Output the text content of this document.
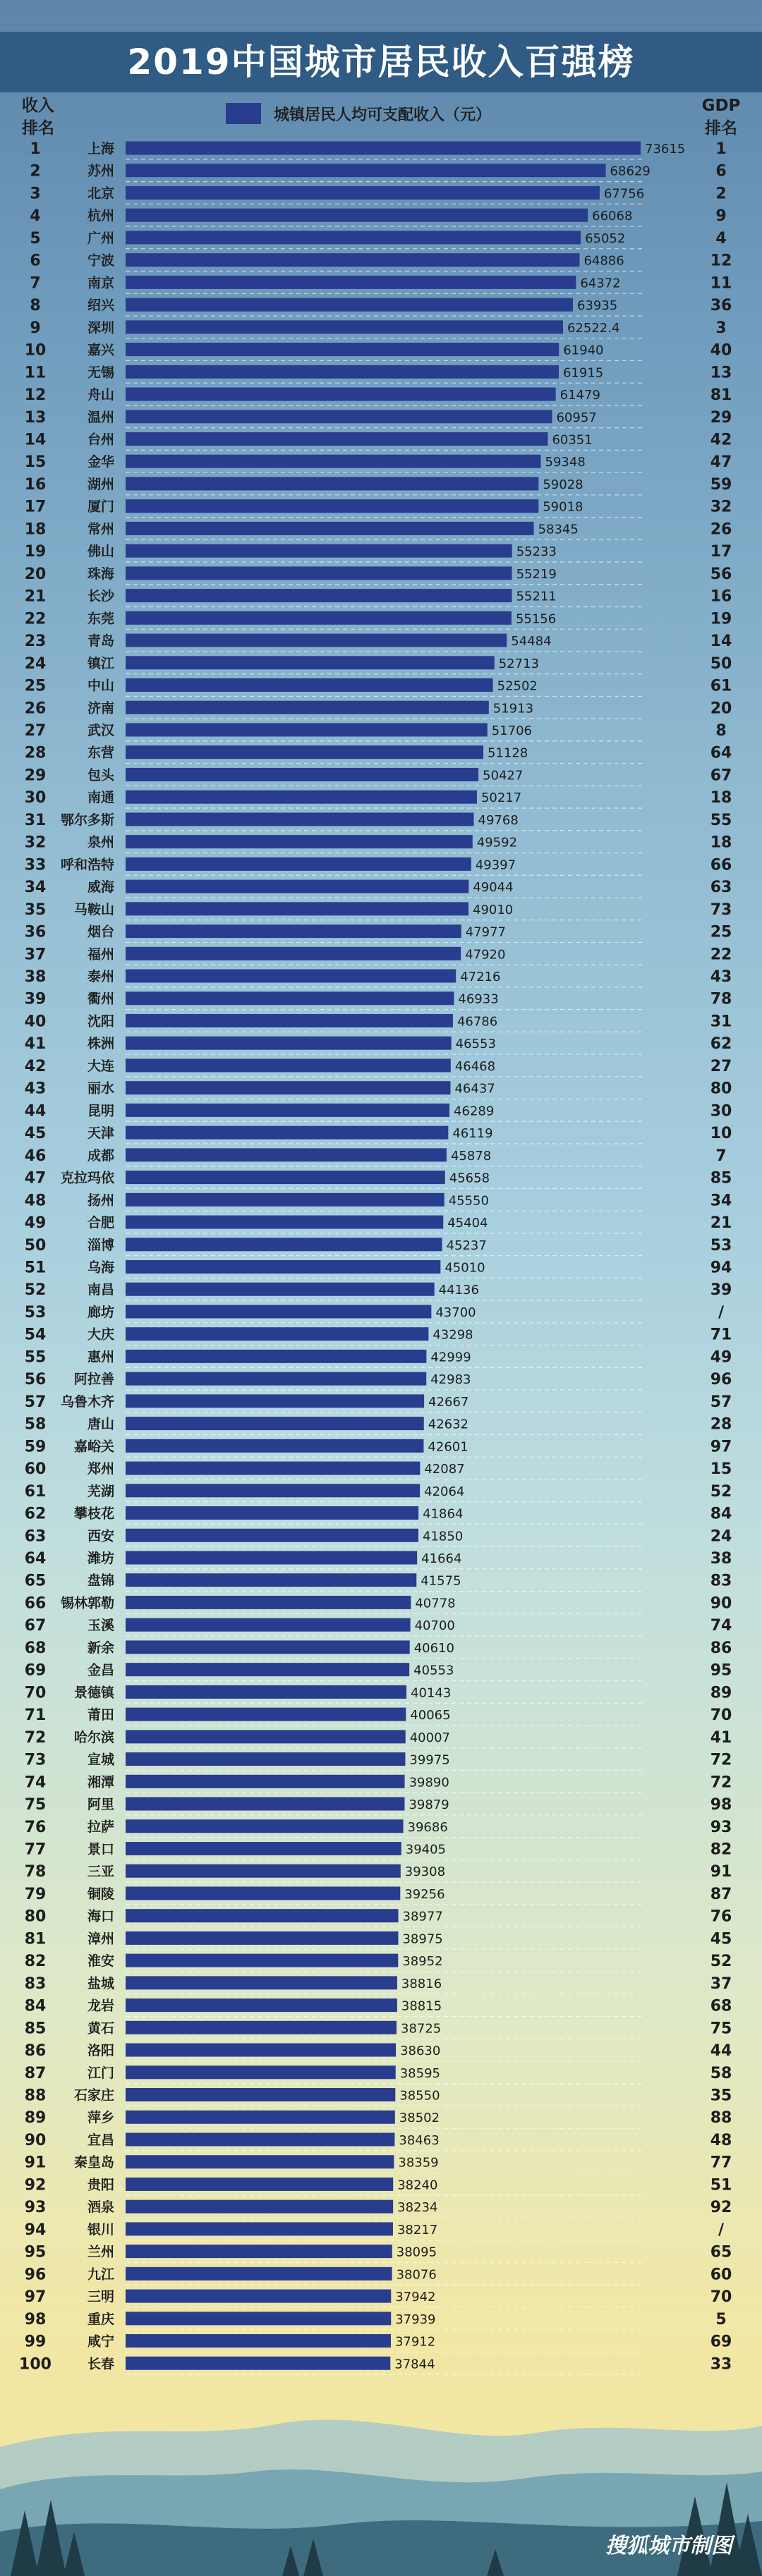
2019中国城市居民收入百强榜
收入
排名
GDP
排名
城镇居民人均可支配收入（元）
1	上海	73615 1
2	苏州	68629	6
3	北京	67756	2
4	杭州	66068	9
5	广州	65052	4
6	宁波	64886	12
7	南京	64372	11
8	绍兴	63935	36
9	深圳	62522.4	3
10	嘉兴	61940	40
11	无锡	61915	13
12	舟山	61479	81
13	温州	60957	29
14	台州	60351	42
15	金华	59348	47
16	湖州	59028	59
17	厦门	59018	32
18	常州	58345	26
19	佛山	55233	17
20	珠海	55219	56
21	长沙	55211	16
22	东莞	55156	19
23	青岛	54484	14
24	镇江	52713	50
25	中山	52502	61
26	济南	51913	20
27	武汉	51706	8
28	东营	51128	64
29	包头	50427	67
30	南通	50217	18
31 鄂尔多斯	49768	55
32	泉州	49592	18
33 呼和浩特	49397	66
34	威海	49044	63
35 马鞍山	49010	73
36	烟台	47977	25
37	福州	47920	22
38	泰州	47216	43
39	衢州	46933	78
40	沈阳	46786	31
41	株洲	46553	62
42	大连	46468	27
43	丽水	46437	80
44	昆明	46289	30
45	天津	46119	10
46	成都	45878	7
47 克拉玛依	45658	85
48	扬州	45550	34
49	合肥	45404	21
50	淄博	45237	53
51	乌海	45010	94
52	南昌	44136	39
53	廊坊	43700	/
54	大庆	43298	71
55	惠州	42999	49
56 阿拉善	42983	96
57 乌鲁木齐	42667	57
58	唐山	42632	28
59 嘉峪关	42601	97
60	郑州	42087	15
61	芜湖	42064	52
62 攀枝花	41864	84
63	西安	41850	24
64	潍坊	41664	38
65	盘锦	41575	83
66 锡林郭勒	40778	90
67	玉溪	40700	74
68	新余	40610	86
69	金昌	40553	95
70 景德镇	40143	89
71	莆田	40065	70
72 哈尔滨	40007	41
73	宣城	39975	72
74	湘潭	39890	72
75	阿里	39879	98
76	拉萨	39686	93
77	景口	39405	82
78	三亚	39308	91
79	铜陵	39256	87
80	海口	38977	76
81	漳州	38975	45
82	淮安	38952	52
83	盐城	38816	37
84	龙岩	38815	68
85	黄石	38725	75
86	洛阳	38630	44
87	江门	38595	58
88 石家庄	38550	35
89	萍乡	38502	88
90	宜昌	38463	48
91 秦皇岛	38359	77
92	贵阳	38240	51
93	酒泉	38234	92
94	银川	38217	/
95	兰州	38095	65
96	九江	38076	60
97	三明	37942	70
98	重庆	37939	5
99	咸宁	37912	69
100	长春	37844	33
搜狐城市制图
